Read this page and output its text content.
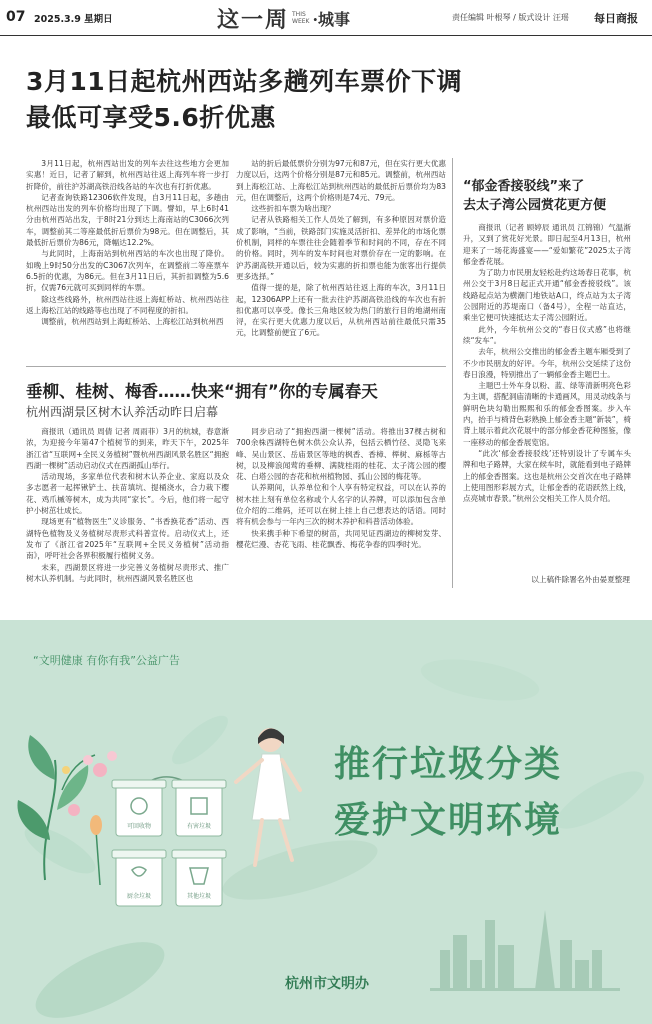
07 2025.3.9 星期日	这一周 THIS
WEEK ·城事	责任编辑 叶根琴 / 版式设计 汪瑶 每日商报
3月11日起杭州西站多趟列车票价下调
最低可享受5.6折优惠

3月11日起，杭州西站出发的列车去往这些地方会更加实惠！近日，记者了解到，杭州西站往返上海列车将一步打折降价，前往沪苏湖高铁沿线各站的车次也有打折优惠。

记者查询铁路12306软件发现，自3月11日起，多趟由杭州西站出发的列车价格均出现了下调。譬如，早上6时41分由杭州西站出发，于8时21分到达上海南站的C3066次列车，调整前其二等座最低折后票价为98元。但在调整后，其最低折后票价为86元，降幅达12.2%。

与此同时，上海南站到杭州西站的车次也出现了降价。如晚上9时50分出发的C3067次列车，在调整前二等座票车6.5折的优惠，为86元。但在3月11日后，其折扣调整为5.6折，仅需76元就可买到同样的车票。

除这些线路外，杭州西站往返上海虹桥站、杭州西站往返上海松江站的线路等也出现了不同程度的折扣。

调整前，杭州西站到上海虹桥站、上海松江站到杭州西

站的折后最低票价分别为97元和87元，但在实行更大优惠力度以后，这两个价格分别是87元和85元。调整前，杭州西站到上海松江站、上海松江站到杭州西站的最低折后票价均为83元，但在调整后，这两个价格则是74元、79元。

这些折扣车票为啥出现？

记者从铁路相关工作人员处了解到，有多种原因对票价造成了影响，“当前，铁路部门实施灵活折扣、差异化的市场化票价机制，同样的车票往往会随着季节和时间的不同，存在不同的价格。同时，列车的发车时间也对票价存在一定的影响。在沪苏湖高铁开通以后，较为实惠的折扣票也能为旅客出行提供更多选择。”

值得一提的是，除了杭州西站往返上海的车次，3月11日起，12306APP上还有一批去往沪苏湖高铁沿线的车次也有折扣优惠可以享受。像长三角地区较为热门的旅行目的地湖州南浔，在实行更大优惠力度以后，从杭州西站前往最低只需35元，比调整前便宜了6元。

垂柳、桂树、梅香……快来“拥有”你的专属春天
杭州西湖景区树木认养活动昨日启幕

商报讯（通讯员 周倩 记者 周雨菲）3月的杭城，春意渐浓，为迎接今年第47个植树节的到来，昨天下午，2025年浙江省“互联网+全民义务植树”暨杭州西湖风景名胜区“拥抱西湖一棵树”活动启动仪式在西湖孤山举行。

活动现场，多家单位代表和树木认养企业、家庭以及众多志愿者一起挥锹铲土、扶苗填坑、提桶浇水，合力栽下樱花、鸡爪槭等树木，成为共同“家长”。今后，他们将一起守护小树茁壮成长。

现场更有“植物医生”义诊服务、“书香换花香”活动、西湖特色植物及义务植树尽责形式科普宣传。启动仪式上，还发布了《浙江省2025年“互联网+全民义务植树”活动指南》，呼吁社会各界积极履行植树义务。

未来，西湖景区将进一步完善义务植树尽责形式、推广树木认养机制。与此同时，杭州西湖风景名胜区也

同步启动了“拥抱西湖一棵树”活动。将推出37棵古树和700余株西湖特色树木供公众认养，包括云栖竹径、灵隐飞来峰、吴山景区、岳庙景区等地的枫香、香樟、榉树、麻栎等古树，以及柳浪闻莺的垂柳、满陇桂雨的桂花、太子湾公园的樱花、白塔公园的杏花和杭州植物园、孤山公园的梅花等。

认养期间，认养单位和个人享有特定权益，可以在认养的树木挂上刻有单位名称或个人名字的认养牌，可以添加包含单位介绍的二维码，还可以在树上挂上自己想表达的话语。同时将有机会参与一年内三次的树木养护和科普活动体验。

快来携手种下希望的树苗，共同见证西湖边的柳树发芽、樱花烂漫、杏花飞雨、桂花飘香、梅花争春的四季时光。

“郁金香接驳线”来了
去太子湾公园赏花更方便

商报讯（记者 顾婷辰 通讯员 江锦锦）气温渐升，又到了赏花好光景。即日起至4月13日，杭州迎来了一场花海盛宴——“爱如繁花”2025太子湾郁金香花展。

为了助力市民朋友轻松赴约这场春日花事，杭州公交于3月8日起正式开通“郁金香接驳线”。该线路起点站为横潮门地铁站A口，终点站为太子湾公园附近的苏堤南口（备4号），全程一站直达，乘坐它便可快速抵达太子湾公园附近。

此外，今年杭州公交的“春日仪式感”也将继续“发车”。

去年，杭州公交推出的郁金香主题车厢受到了不少市民朋友的好评。今年，杭州公交延续了这份春日浪漫，特别推出了一辆郁金香主题巴士。

主题巴士外车身以粉、蓝、绿等清新明亮色彩为主调，搭配洞庙清晰的卡通画风，用灵动线条与鲜明色块勾勒出熙熙和乐的郁金香图案。步入车内，抬手与椅背色彩熟换上郁金香主题“新装”，椅背上展示着此次花展中的部分郁金香花种图鉴，像一座移动的郁金香展览馆。

“此次‘郁金香接驳线’还特别设计了专属车头牌和电子路牌，大家在候车时，就能看到电子路牌上的郁金香图案。这也是杭州公交首次在电子路牌上使用图形彩展方式，让郁金香的花语跃然上线，点亮城市春景。”杭州公交相关工作人员介绍。

以上稿件除署名外由晏夏整理
可回收物	有害垃圾
厨余垃圾	其他垃圾
“文明健康 有你有我”公益广告
推行垃圾分类
爱护文明环境
杭州市文明办
